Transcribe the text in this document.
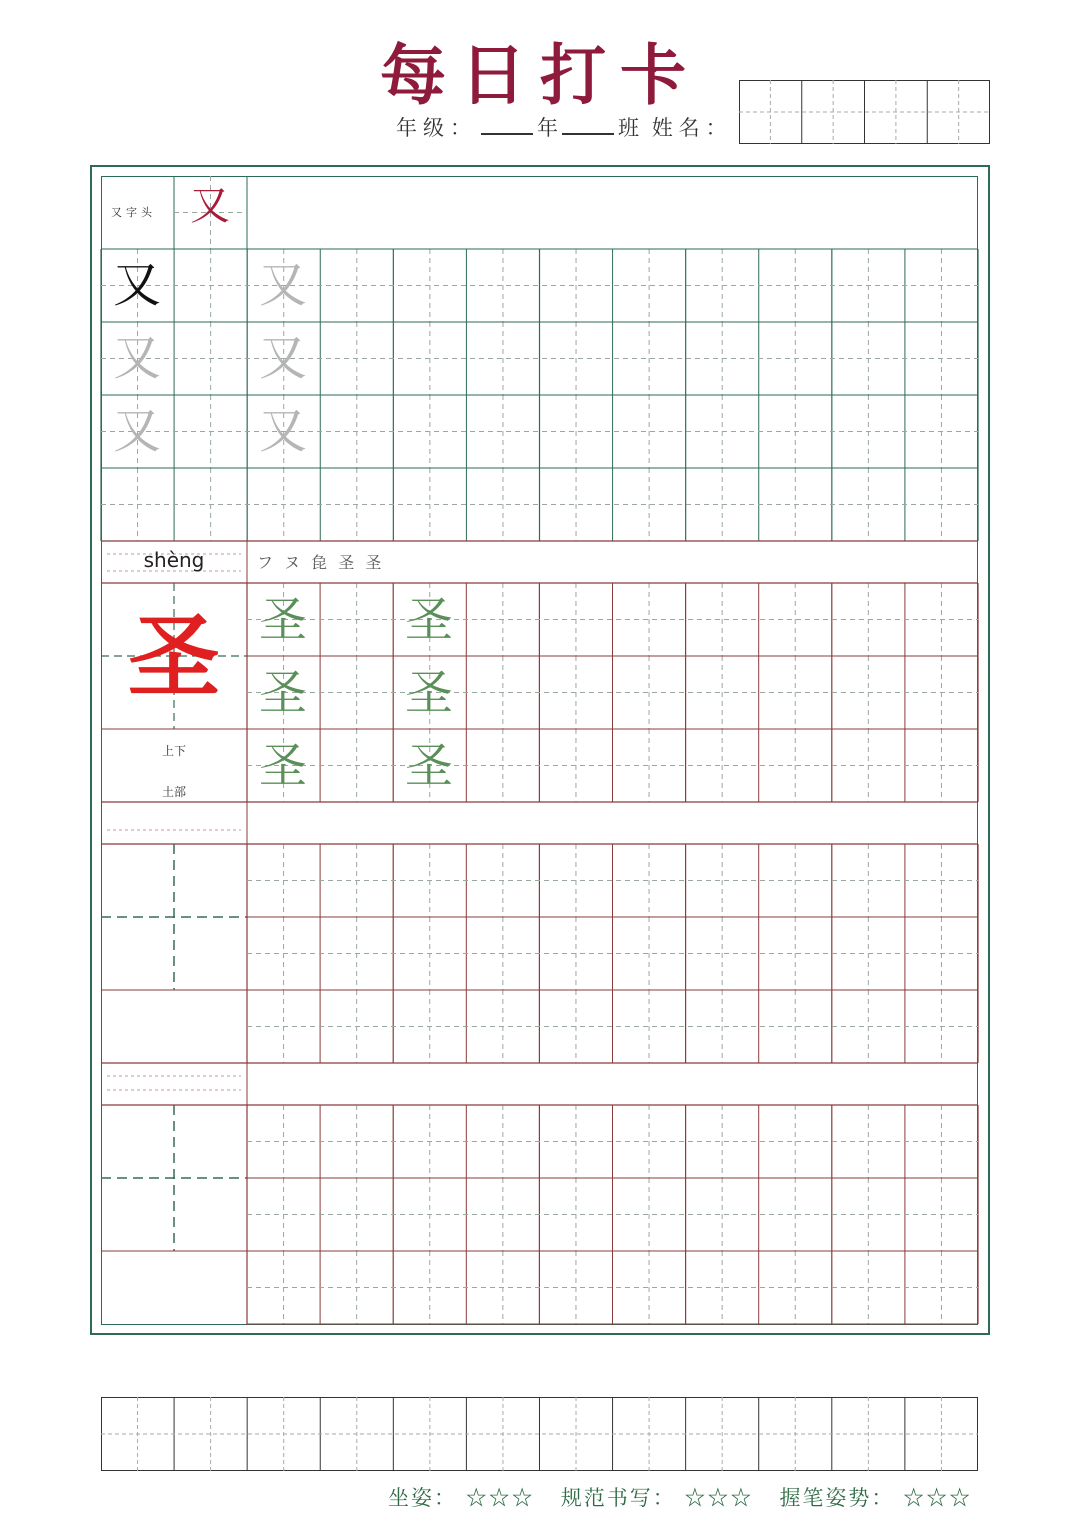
每日打卡
年级：	年	班 姓名：
又字头 又
又 又
又 又
又 又
shèng	フ ヌ 㲋 圣 圣
圣
上下
土部
圣 圣
圣 圣
圣 圣
坐姿： ☆☆☆ 规范书写： ☆☆☆ 握笔姿势： ☆☆☆
